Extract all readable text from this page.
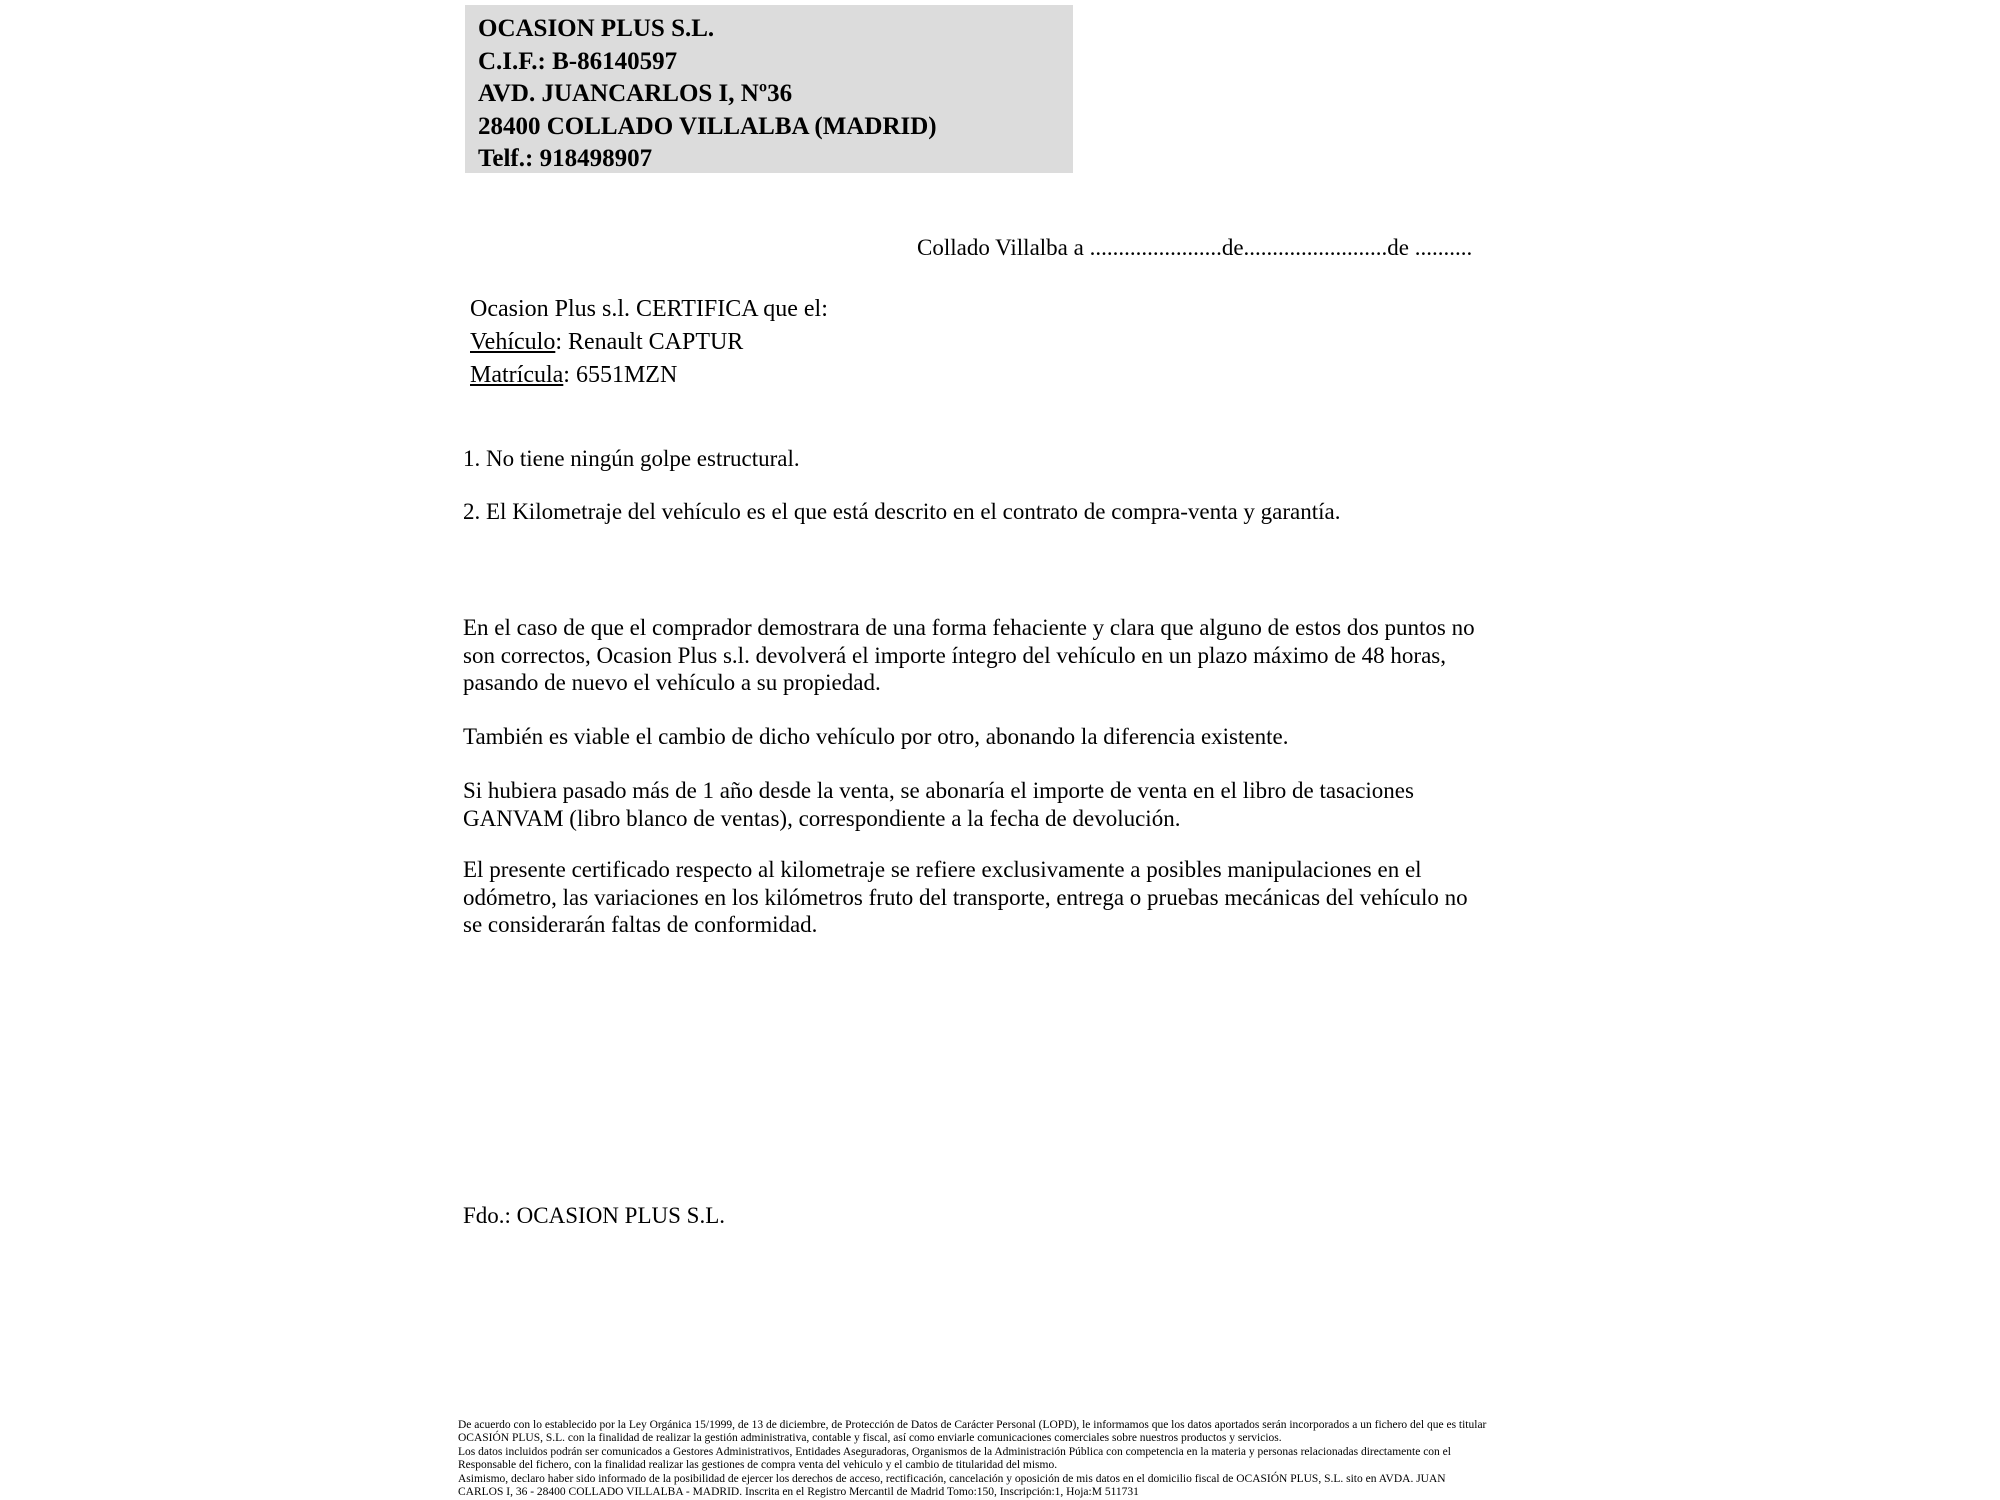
OCASION PLUS S.L.
C.I.F.: B-86140597
AVD. JUANCARLOS I, Nº36
28400 COLLADO VILLALBA (MADRID)
Telf.: 918498907
Collado Villalba a .......................de.........................de ..........
Ocasion Plus s.l. CERTIFICA que el:
Vehículo: Renault CAPTUR
Matrícula: 6551MZN
1. No tiene ningún golpe estructural.
2. El Kilometraje del vehículo es el que está descrito en el contrato de compra-venta y garantía.
En el caso de que el comprador demostrara de una forma fehaciente y clara que alguno de estos dos puntos no
son correctos, Ocasion Plus s.l. devolverá el importe íntegro del vehículo en un plazo máximo de 48 horas,
pasando de nuevo el vehículo a su propiedad.
También es viable el cambio de dicho vehículo por otro, abonando la diferencia existente.
Si hubiera pasado más de 1 año desde la venta, se abonaría el importe de venta en el libro de tasaciones
GANVAM (libro blanco de ventas), correspondiente a la fecha de devolución.
El presente certificado respecto al kilometraje se refiere exclusivamente a posibles manipulaciones en el
odómetro, las variaciones en los kilómetros fruto del transporte, entrega o pruebas mecánicas del vehículo no
se considerarán faltas de conformidad.
Fdo.: OCASION PLUS S.L.
De acuerdo con lo establecido por la Ley Orgánica 15/1999, de 13 de diciembre, de Protección de Datos de Carácter Personal (LOPD), le informamos que los datos aportados serán incorporados a un fichero del que es titular
OCASIÓN PLUS, S.L. con la finalidad de realizar la gestión administrativa, contable y fiscal, así como enviarle comunicaciones comerciales sobre nuestros productos y servicios.
Los datos incluidos podrán ser comunicados a Gestores Administrativos, Entidades Aseguradoras, Organismos de la Administración Pública con competencia en la materia y personas relacionadas directamente con el
Responsable del fichero, con la finalidad realizar las gestiones de compra venta del vehiculo y el cambio de titularidad del mismo.
Asimismo, declaro haber sido informado de la posibilidad de ejercer los derechos de acceso, rectificación, cancelación y oposición de mis datos en el domicilio fiscal de OCASIÓN PLUS, S.L. sito en AVDA. JUAN
CARLOS I, 36 - 28400 COLLADO VILLALBA - MADRID. Inscrita en el Registro Mercantil de Madrid Tomo:150, Inscripción:1, Hoja:M 511731
